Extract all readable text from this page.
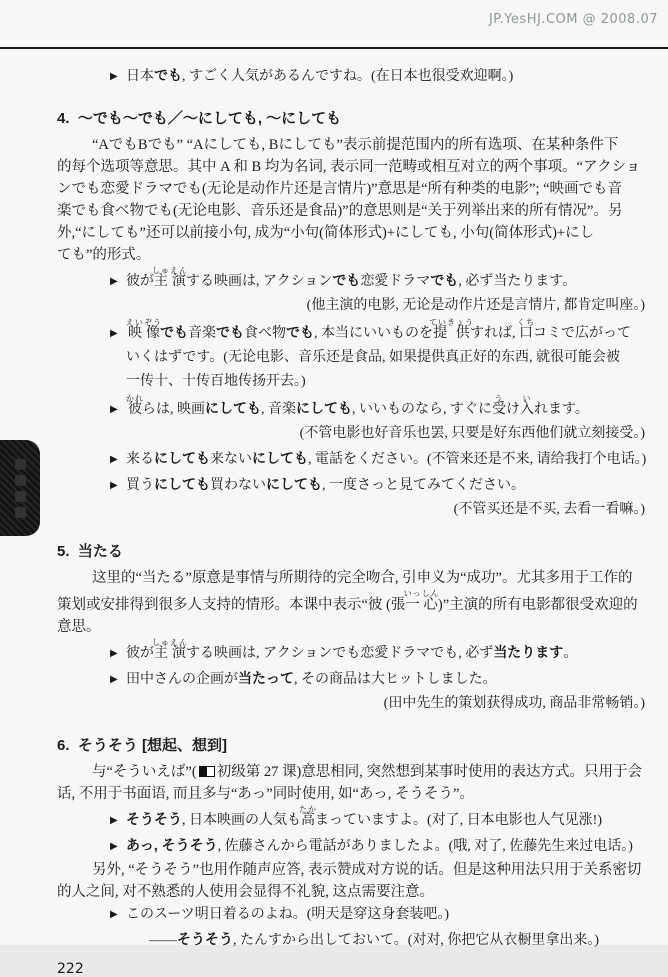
JP.YesHJ.COM @ 2008.07
▶ 日本でも, すごく人気があるんですね。(在日本也很受欢迎啊。)
4.  ～でも～でも／～にしても, ～にしても
“AでもBでも” “Aにしても, Bにしても”表示前提范围内的所有选项、在某种条件下
的每个选项等意思。其中 A 和 B 均为名词, 表示同一范畴或相互对立的两个事项。“アクショ
ンでも恋愛ドラマでも(无论是动作片还是言情片)”意思是“所有种类的电影”; “映画でも音
楽でも食べ物でも(无论电影、音乐还是食品)”的意思则是“关于列举出来的所有情况”。另
外,“にしても”还可以前接小句, 成为“小句(简体形式)+にしても, 小句(简体形式)+にし
ても”的形式。
▶ 彼が主演しゅえんする映画は, アクションでも恋愛ドラマでも, 必ず当たります。
(他主演的电影, 无论是动作片还是言情片, 都肯定叫座。)
▶ 映像えいぞうでも音楽でも食べ物でも, 本当にいいものを提供ていきょうすれば, 口くちコミで広がって
いくはずです。(无论电影、音乐还是食品, 如果提供真正好的东西, 就很可能会被
一传十、十传百地传扬开去。)
▶ 彼かれらは, 映画にしても, 音楽にしても, いいものなら, すぐに受うけ入いれます。
(不管电影也好音乐也罢, 只要是好东西他们就立刻接受。)
▶ 来るにしても来ないにしても, 電話をください。(不管来还是不来, 请给我打个电话。)
▶ 買うにしても買わないにしても, 一度さっと見てみてください。
(不管买还是不买, 去看一看嘛。)
5.  当たる
这里的“当たる”原意是事情与所期待的完全吻合, 引申义为“成功”。尤其多用于工作的
策划或安排得到很多人支持的情形。本课中表示“彼 (張一心いっしん)”主演的所有电影都很受欢迎的
意思。
▶ 彼が主演しゅえんする映画は, アクションでも恋愛ドラマでも, 必ず当たります。
▶ 田中さんの企画が当たって, その商品は大ヒットしました。
(田中先生的策划获得成功, 商品非常畅销。)
6.  そうそう [想起、想到]
与“そういえば”( 初级第 27 课)意思相同, 突然想到某事时使用的表达方式。只用于会
话, 不用于书面语, 而且多与“あっ”同时使用, 如“あっ, そうそう”。
▶ そうそう, 日本映画の人気も高たかまっていますよ。(对了, 日本电影也人气见涨!)
▶ あっ, そうそう, 佐藤さんから電話がありましたよ。(哦, 对了, 佐藤先生来过电话。)
另外, “そうそう”也用作随声应答, 表示赞成对方说的话。但是这种用法只用于关系密切
的人之间, 对不熟悉的人使用会显得不礼貌, 这点需要注意。
▶ このスーツ明日着るのよね。(明天是穿这身套装吧。)
——そうそう, たんすから出しておいて。(对对, 你把它从衣橱里拿出来。)
222
